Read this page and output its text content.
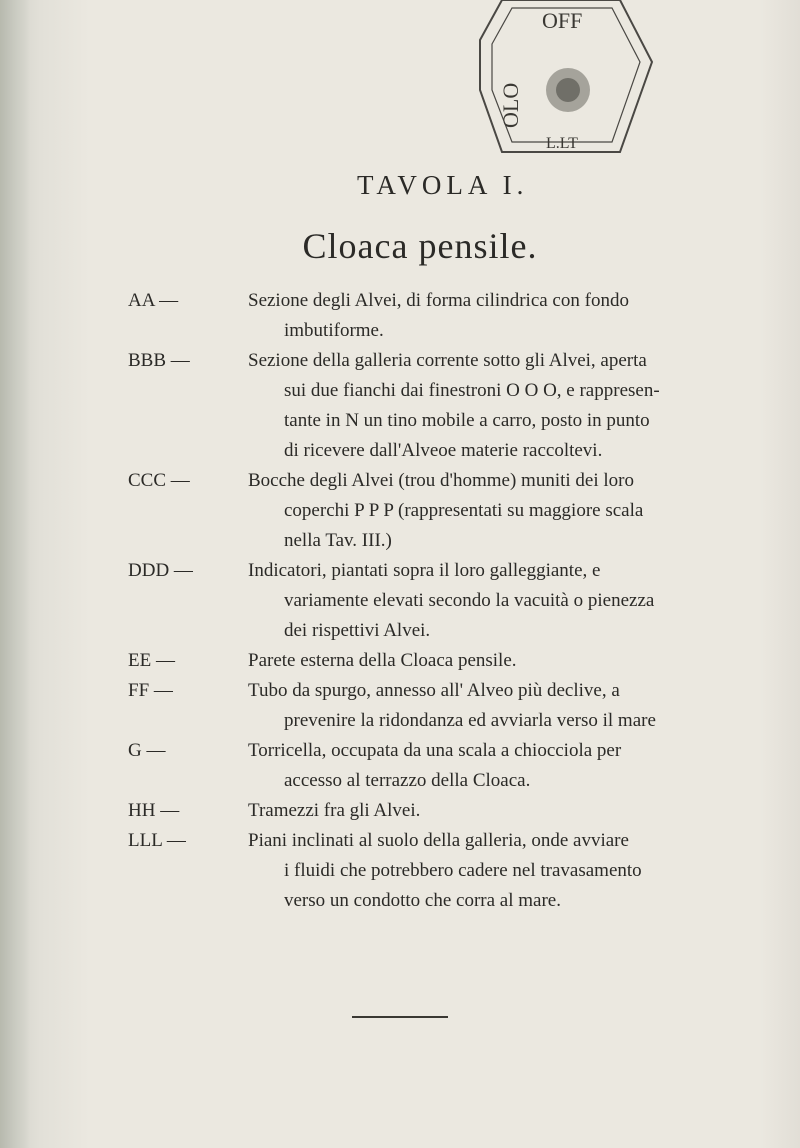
OFF
OLO
L.LT
TAVOLA I.
Cloaca pensile.
AA —	Sezione degli Alvei, di forma cilindrica con fondo
imbutiforme.
BBB —	Sezione della galleria corrente sotto gli Alvei, aperta
sui due fianchi dai finestroni O O O, e rappresen-
tante in N un tino mobile a carro, posto in punto
di ricevere dall'Alveoe materie raccoltevi.
CCC —	Bocche degli Alvei (trou d'homme) muniti dei loro
coperchi P P P (rappresentati su maggiore scala
nella Tav. III.)
DDD —	Indicatori, piantati sopra il loro galleggiante, e
variamente elevati secondo la vacuità o pienezza
dei rispettivi Alvei.
EE —	Parete esterna della Cloaca pensile.
FF —	Tubo da spurgo, annesso all' Alveo più declive, a
prevenire la ridondanza ed avviarla verso il mare
G —	Torricella, occupata da una scala a chiocciola per
accesso al terrazzo della Cloaca.
HH —	Tramezzi fra gli Alvei.
LLL —	Piani inclinati al suolo della galleria, onde avviare
i fluidi che potrebbero cadere nel travasamento
verso un condotto che corra al mare.
